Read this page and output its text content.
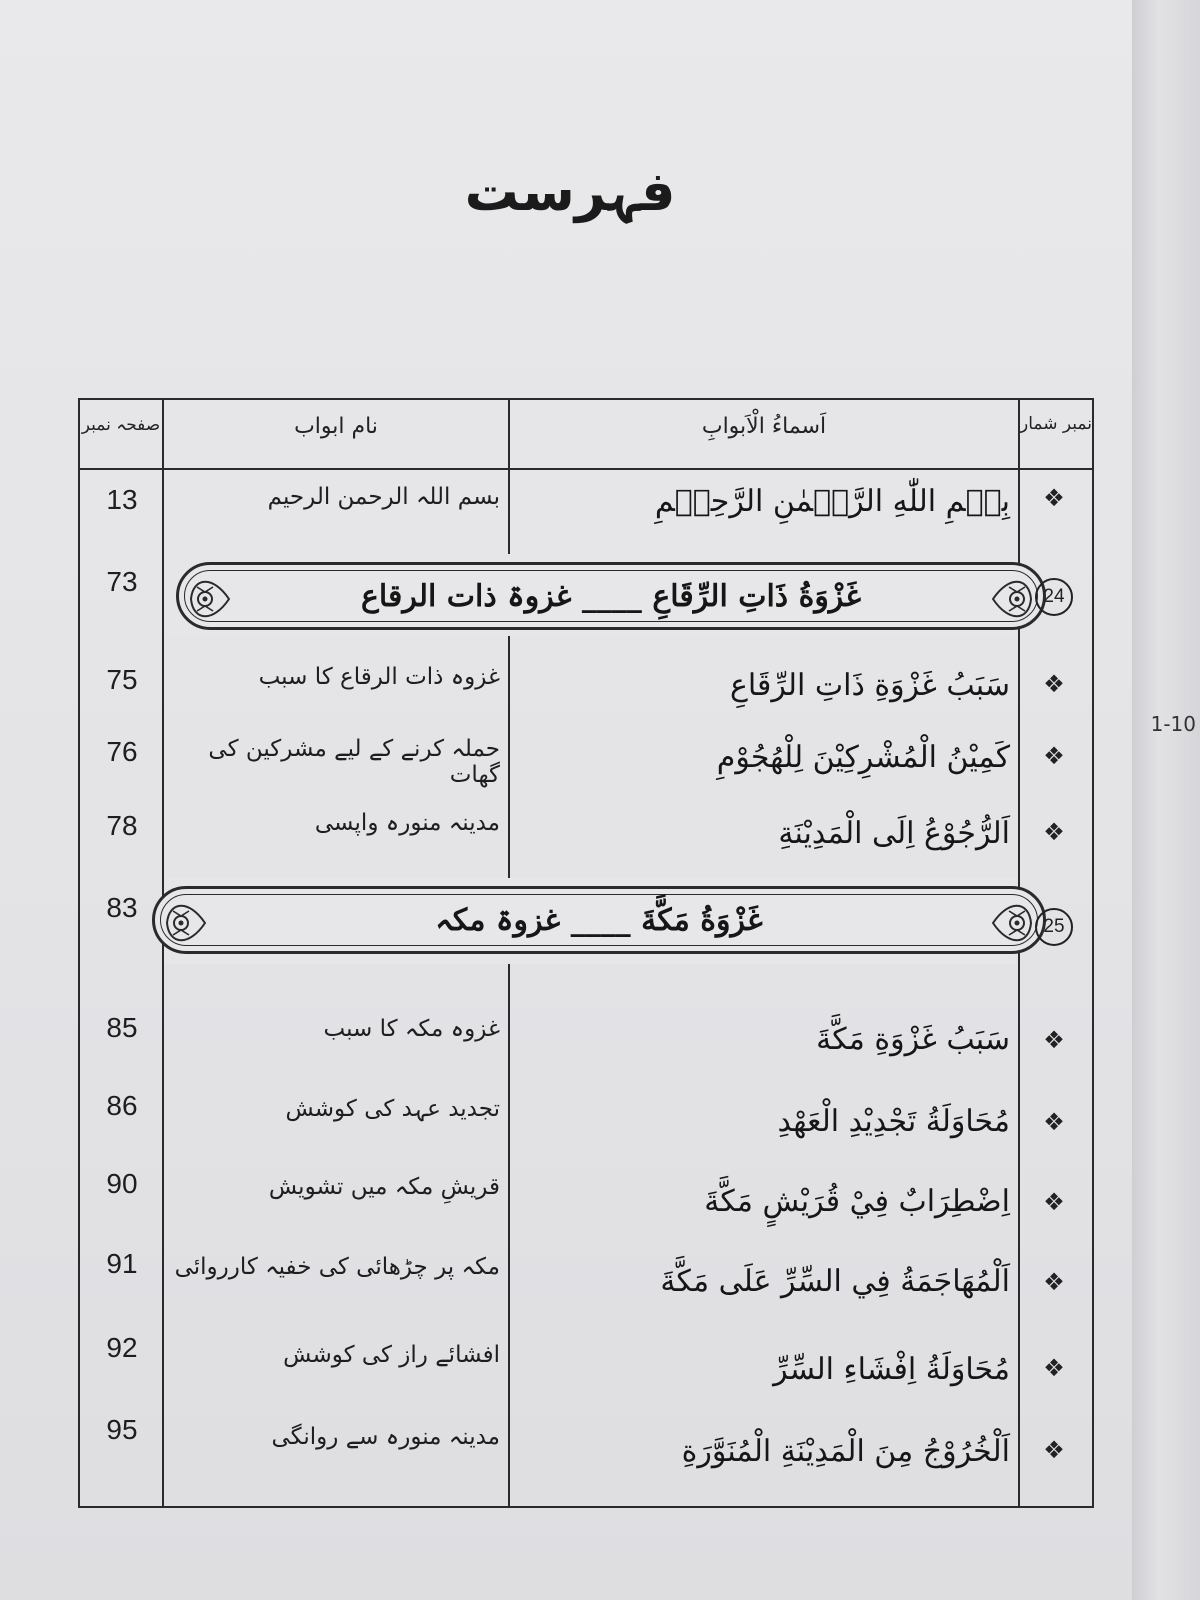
فہرست
صفحہ نمبر	نام ابواب	اَسماءُ الْاَبوابِ	نمبر شمار
13	بسم اللہ الرحمن الرحیم	بِسۡمِ اللّٰهِ الرَّحۡمٰنِ الرَّحِيۡمِ	❖
73	غَزْوَةُ ذَاتِ الرِّقَاعِ ____ غزوۃ ذات الرقاع	24
75	غزوہ ذات الرقاع کا سبب	سَبَبُ غَزْوَةِ ذَاتِ الرِّقَاعِ	❖
76	حملہ کرنے کے لیے مشرکین کی گھات	كَمِيْنُ الْمُشْرِكِيْنَ لِلْهُجُوْمِ	❖
78	مدینہ منورہ واپسی	اَلرُّجُوْعُ اِلَى الْمَدِيْنَةِ	❖
83	غَزْوَةُ مَكَّةَ ____ غزوۃ مکہ	25
85	غزوہ مکہ کا سبب	سَبَبُ غَزْوَةِ مَكَّةَ	❖
86	تجدید عہد کی کوشش	مُحَاوَلَةُ تَجْدِيْدِ الْعَهْدِ	❖
90	قریشِ مکہ میں تشویش	اِضْطِرَابٌ فِيْ قُرَيْشٍ مَكَّةَ	❖
91	مکہ پر چڑھائی کی خفیہ کارروائی	اَلْمُهَاجَمَةُ فِي السِّرِّ عَلَى مَكَّةَ	❖
92	افشائے راز کی کوشش	مُحَاوَلَةُ اِفْشَاءِ السِّرِّ	❖
95	مدینہ منورہ سے روانگی	اَلْخُرُوْجُ مِنَ الْمَدِيْنَةِ الْمُنَوَّرَةِ	❖
1-10
